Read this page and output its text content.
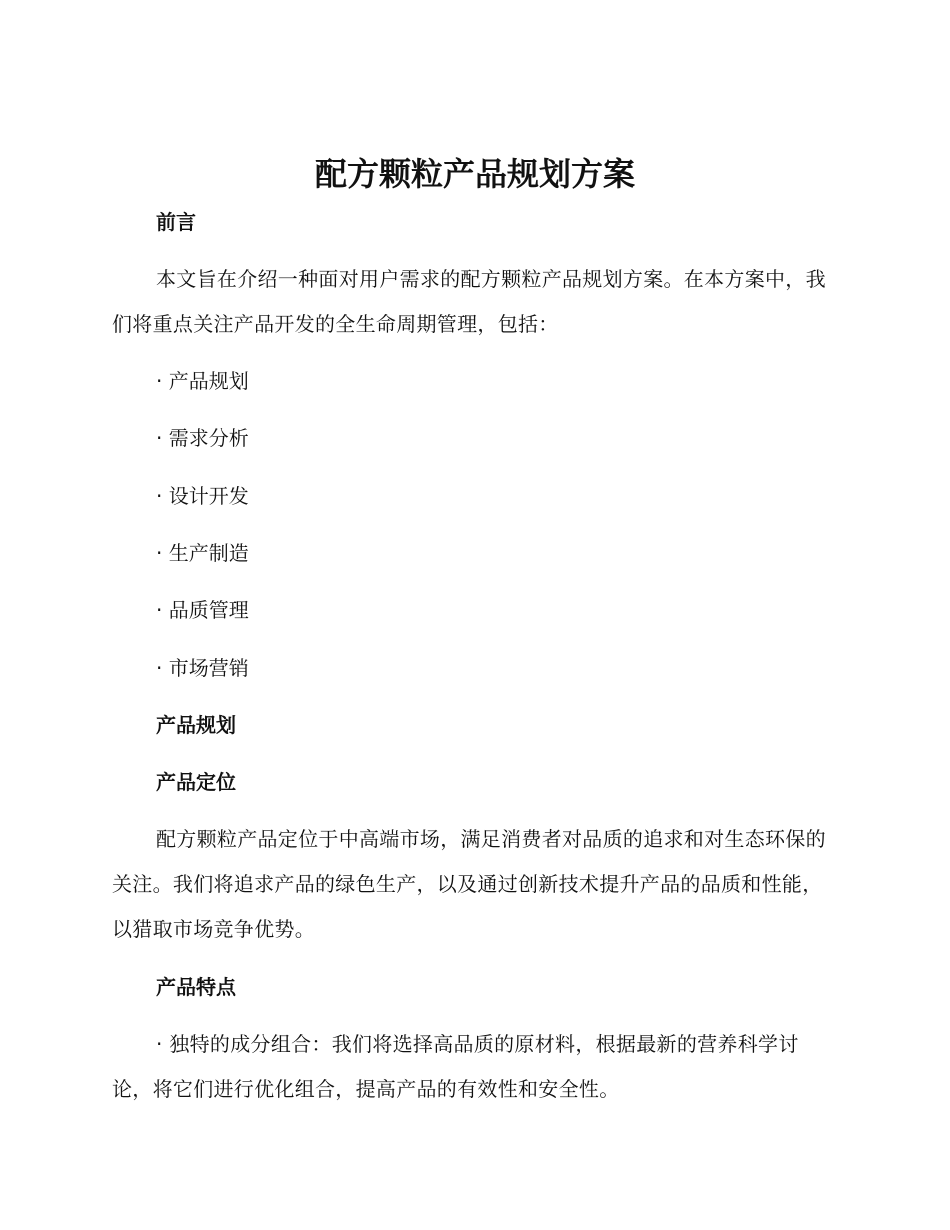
配方颗粒产品规划方案
前言

本文旨在介绍一种面对用户需求的配方颗粒产品规划方案。在本方案中，我们将重点关注产品开发的全生命周期管理，包括：

· 产品规划
· 需求分析
· 设计开发
· 生产制造
· 品质管理
· 市场营销
产品规划
产品定位

配方颗粒产品定位于中高端市场，满足消费者对品质的追求和对生态环保的关注。我们将追求产品的绿色生产，以及通过创新技术提升产品的品质和性能，以猎取市场竞争优势。

产品特点

· 独特的成分组合：我们将选择高品质的原材料，根据最新的营养科学讨论，将它们进行优化组合，提高产品的有效性和安全性。
